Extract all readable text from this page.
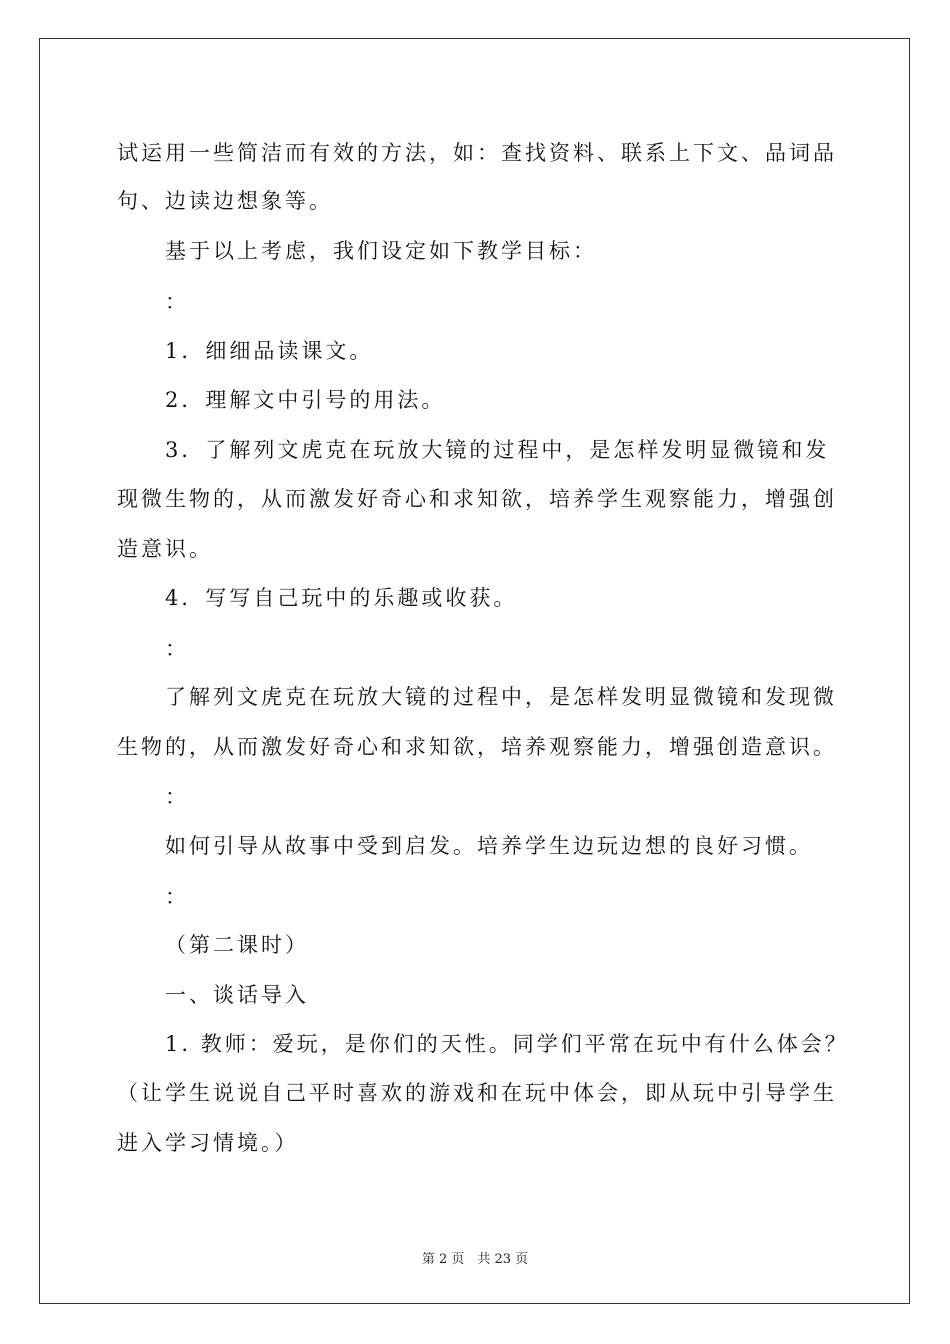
试运用一些简洁而有效的方法，如：查找资料、联系上下文、品词品
句、边读边想象等。
基于以上考虑，我们设定如下教学目标：
：
1．细细品读课文。
2．理解文中引号的用法。
3．了解列文虎克在玩放大镜的过程中，是怎样发明显微镜和发
现微生物的，从而激发好奇心和求知欲，培养学生观察能力，增强创
造意识。
4．写写自己玩中的乐趣或收获。
：
了解列文虎克在玩放大镜的过程中，是怎样发明显微镜和发现微
生物的，从而激发好奇心和求知欲，培养观察能力，增强创造意识。
：
如何引导从故事中受到启发。培养学生边玩边想的良好习惯。
：
（第二课时）
一、谈话导入
1. 教师：爱玩，是你们的天性。同学们平常在玩中有什么体会？
（让学生说说自己平时喜欢的游戏和在玩中体会，即从玩中引导学生
进入学习情境。）
第 2 页　共 23 页
